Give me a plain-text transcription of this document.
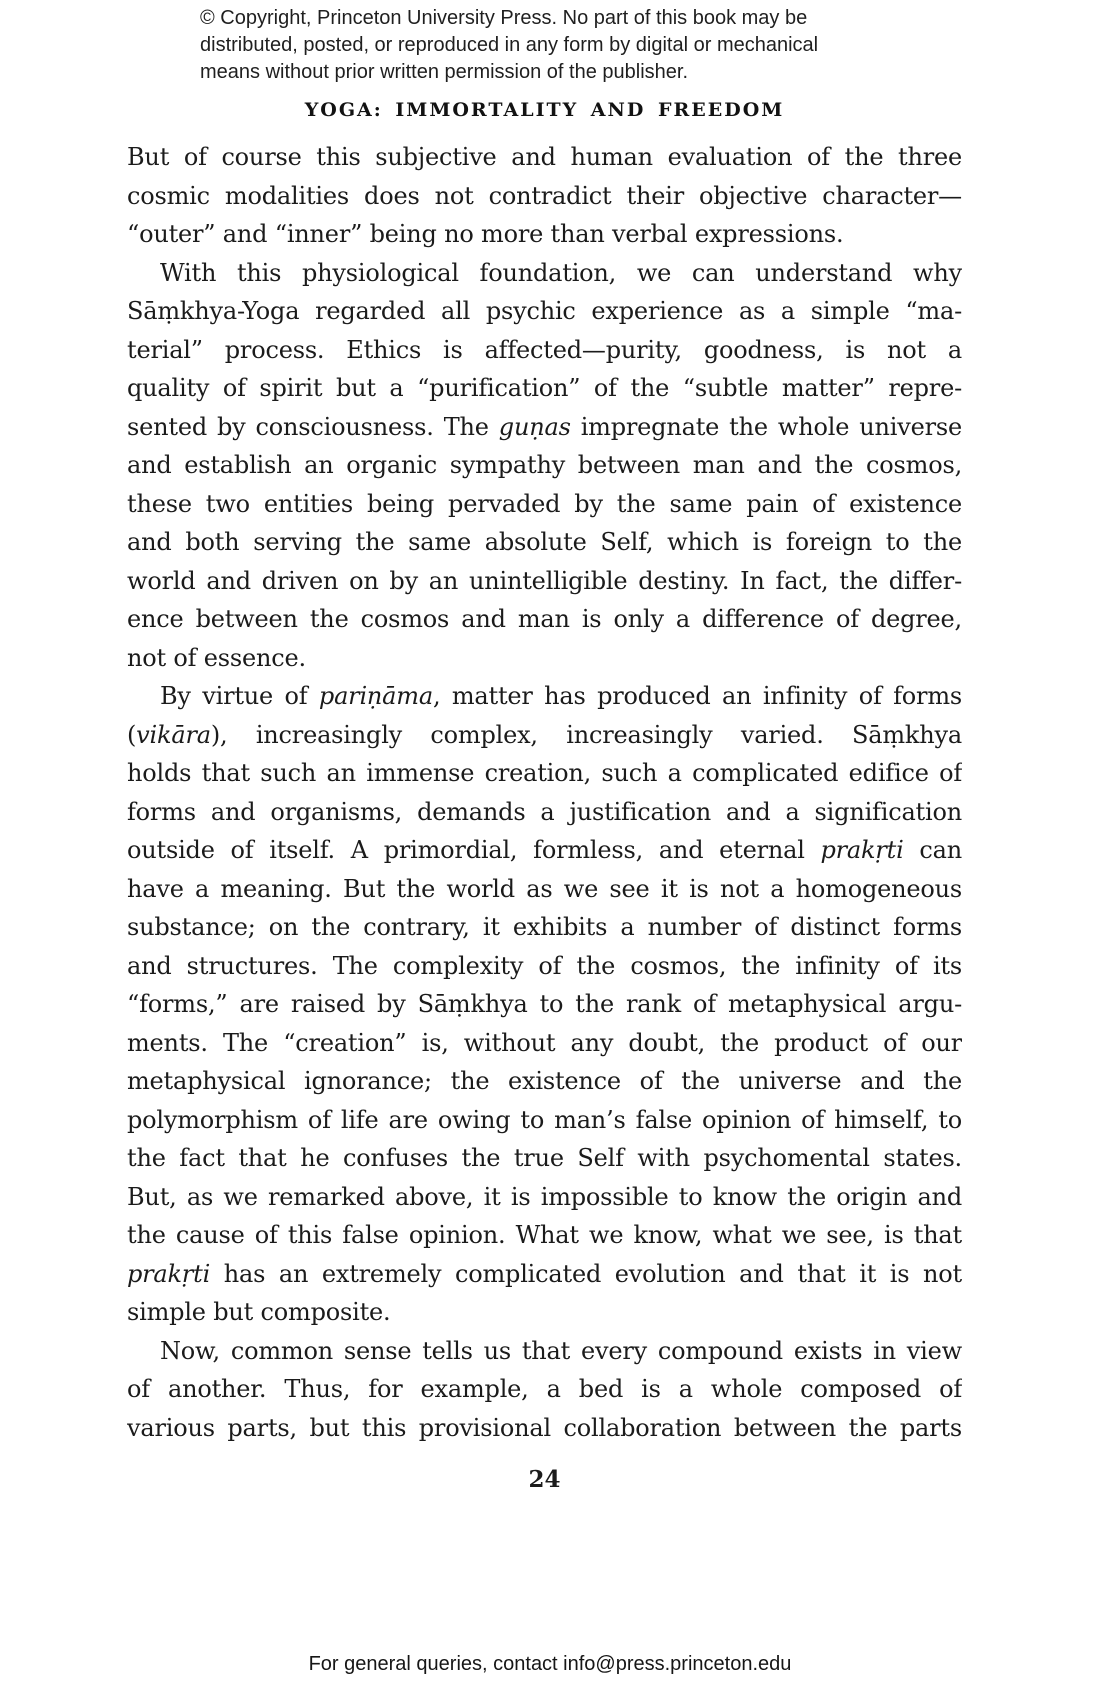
© Copyright, Princeton University Press. No part of this book may be
distributed, posted, or reproduced in any form by digital or mechanical
means without prior written permission of the publisher.
YOGA: IMMORTALITY AND FREEDOM
But of course this subjective and human evaluation of the three
cosmic modalities does not contradict their objective character—
“outer” and “inner” being no more than verbal expressions.
With this physiological foundation, we can understand why
Sāṃkhya-Yoga regarded all psychic experience as a simple “ma-
terial” process. Ethics is affected—purity, goodness, is not a
quality of spirit but a “purification” of the “subtle matter” repre-
sented by consciousness. The guṇas impregnate the whole universe
and establish an organic sympathy between man and the cosmos,
these two entities being pervaded by the same pain of existence
and both serving the same absolute Self, which is foreign to the
world and driven on by an unintelligible destiny. In fact, the differ-
ence between the cosmos and man is only a difference of degree,
not of essence.
By virtue of pariṇāma, matter has produced an infinity of forms
(vikāra), increasingly complex, increasingly varied. Sāṃkhya
holds that such an immense creation, such a complicated edifice of
forms and organisms, demands a justification and a signification
outside of itself. A primordial, formless, and eternal prakṛti can
have a meaning. But the world as we see it is not a homogeneous
substance; on the contrary, it exhibits a number of distinct forms
and structures. The complexity of the cosmos, the infinity of its
“forms,” are raised by Sāṃkhya to the rank of metaphysical argu-
ments. The “creation” is, without any doubt, the product of our
metaphysical ignorance; the existence of the universe and the
polymorphism of life are owing to man’s false opinion of himself, to
the fact that he confuses the true Self with psychomental states.
But, as we remarked above, it is impossible to know the origin and
the cause of this false opinion. What we know, what we see, is that
prakṛti has an extremely complicated evolution and that it is not
simple but composite.
Now, common sense tells us that every compound exists in view
of another. Thus, for example, a bed is a whole composed of
various parts, but this provisional collaboration between the parts
24
For general queries, contact info@press.princeton.edu
